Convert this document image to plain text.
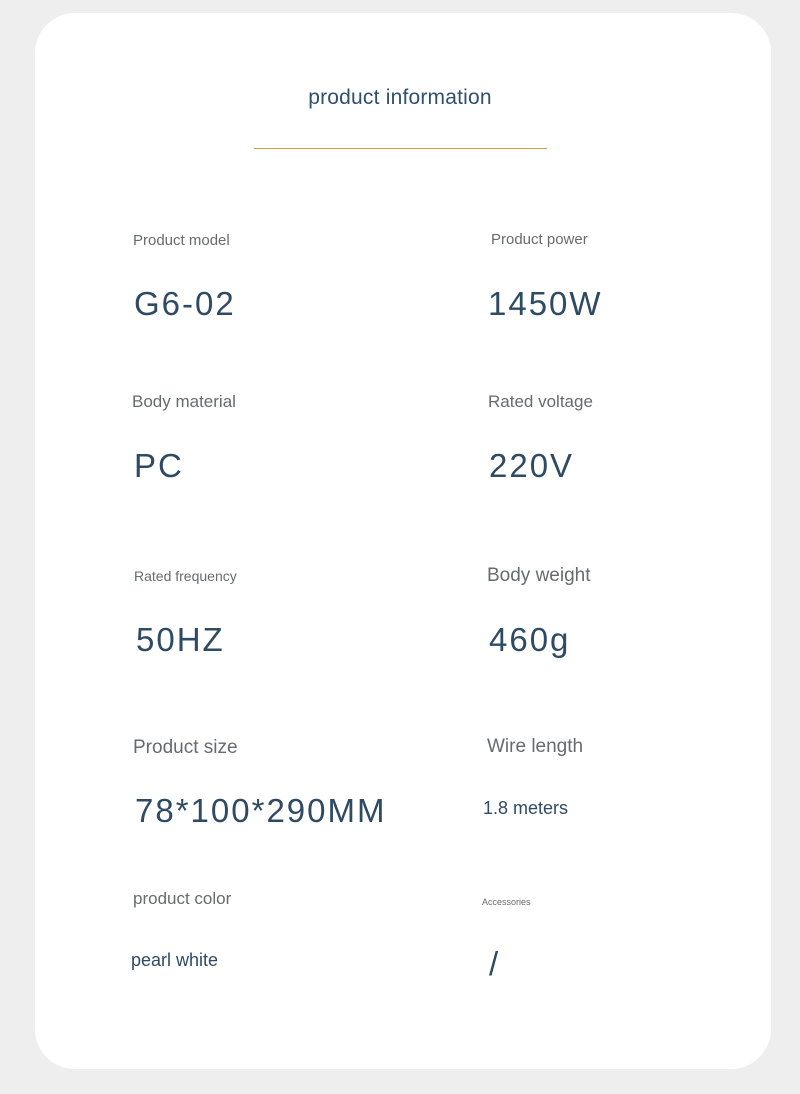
product information
Product model
G6-02
Product power
1450W
Body material
PC
Rated voltage
220V
Rated frequency
50HZ
Body weight
460g
Product size
78*100*290MM
Wire length
1.8 meters
product color
pearl white
Accessories
/
